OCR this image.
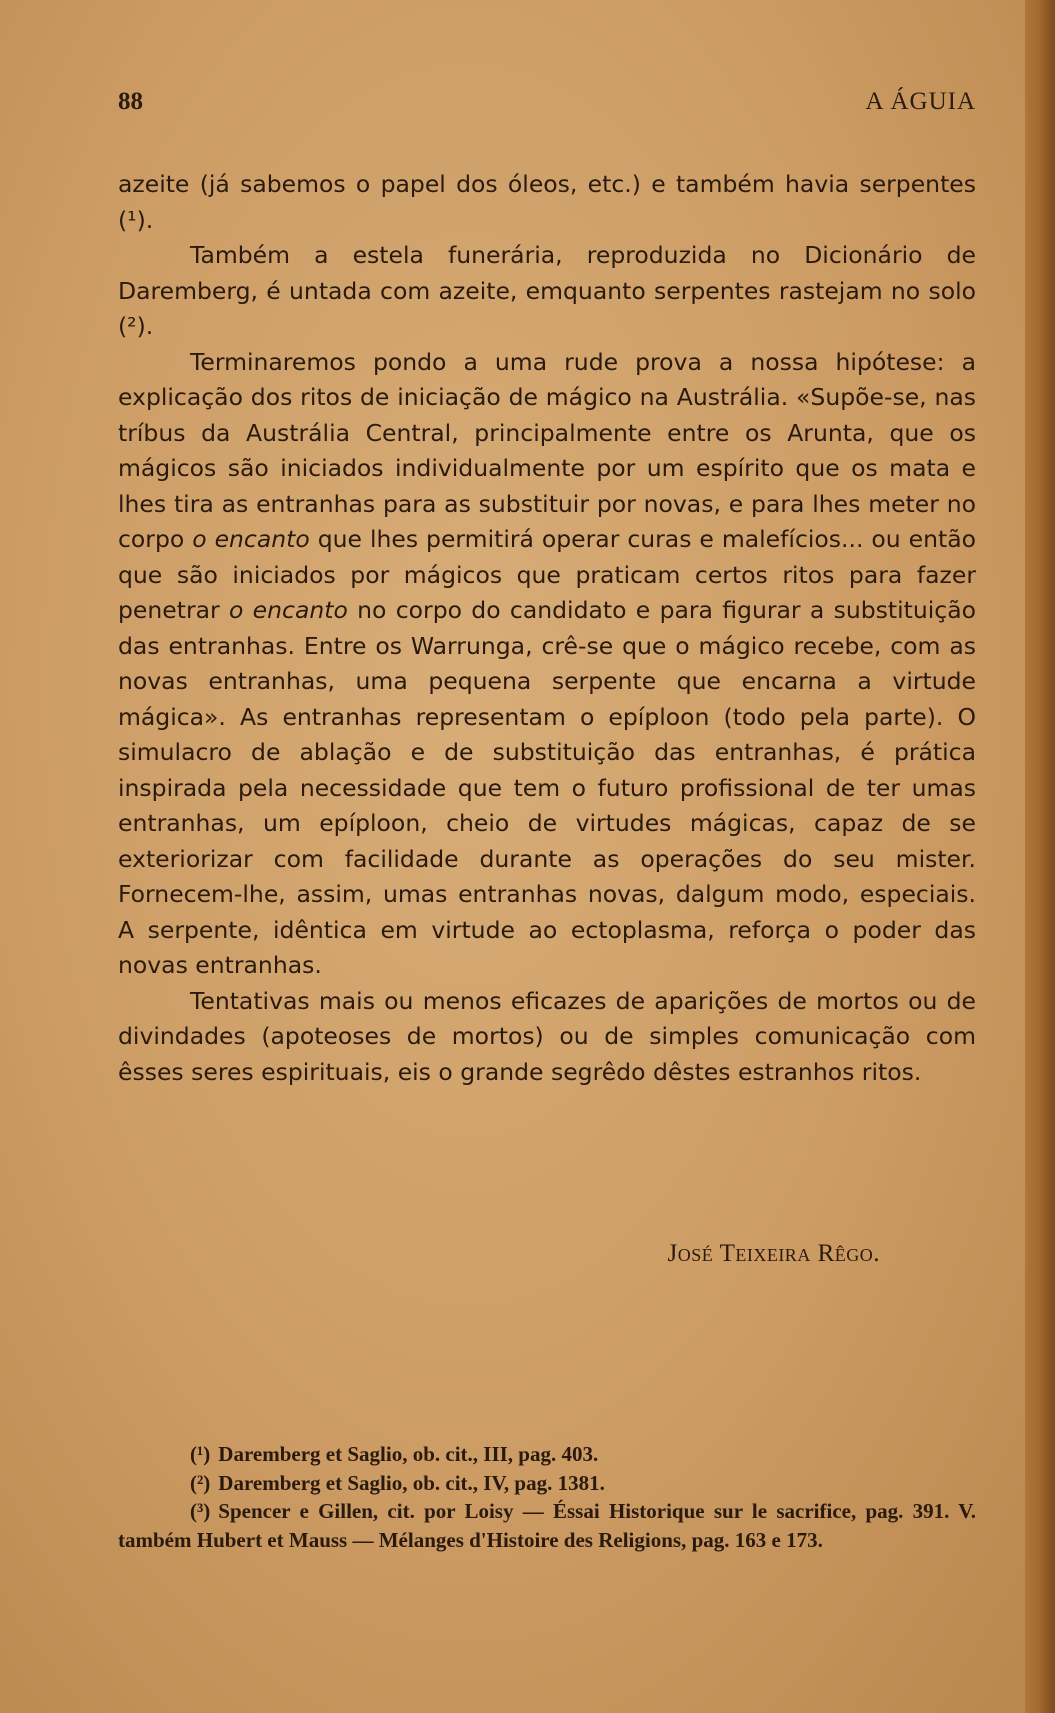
88	A ÁGUIA

azeite (já sabemos o papel dos óleos, etc.) e também havia serpentes (¹).

Também a estela funerária, reproduzida no Dicionário de Daremberg, é untada com azeite, emquanto serpentes rastejam no solo (²).

Terminaremos pondo a uma rude prova a nossa hipótese: a explicação dos ritos de iniciação de mágico na Austrália. «Supõe-se, nas tríbus da Austrália Central, principalmente entre os Arunta, que os mágicos são iniciados individualmente por um espírito que os mata e lhes tira as entranhas para as substituir por novas, e para lhes meter no corpo o encanto que lhes permitirá operar curas e malefícios... ou então que são iniciados por mágicos que praticam certos ritos para fazer penetrar o encanto no corpo do candidato e para figurar a substituição das entranhas. Entre os Warrunga, crê-se que o mágico recebe, com as novas entranhas, uma pequena serpente que encarna a virtude mágica». As entranhas representam o epíploon (todo pela parte). O simulacro de ablação e de substituição das entranhas, é prática inspirada pela necessidade que tem o futuro profissional de ter umas entranhas, um epíploon, cheio de virtudes mágicas, capaz de se exteriorizar com facilidade durante as operações do seu mister. Fornecem-lhe, assim, umas entranhas novas, dalgum modo, especiais. A serpente, idêntica em virtude ao ectoplasma, reforça o poder das novas entranhas.

Tentativas mais ou menos eficazes de aparições de mortos ou de divindades (apoteoses de mortos) ou de simples comunicação com êsses seres espirituais, eis o grande segrêdo dêstes estranhos ritos.

José Teixeira Rêgo.
(¹) Daremberg et Saglio, ob. cit., III, pag. 403.
(²) Daremberg et Saglio, ob. cit., IV, pag. 1381.
(³) Spencer e Gillen, cit. por Loisy — Éssai Historique sur le sacrifice, pag. 391. V. também Hubert et Mauss — Mélanges d'Histoire des Religions, pag. 163 e 173.
